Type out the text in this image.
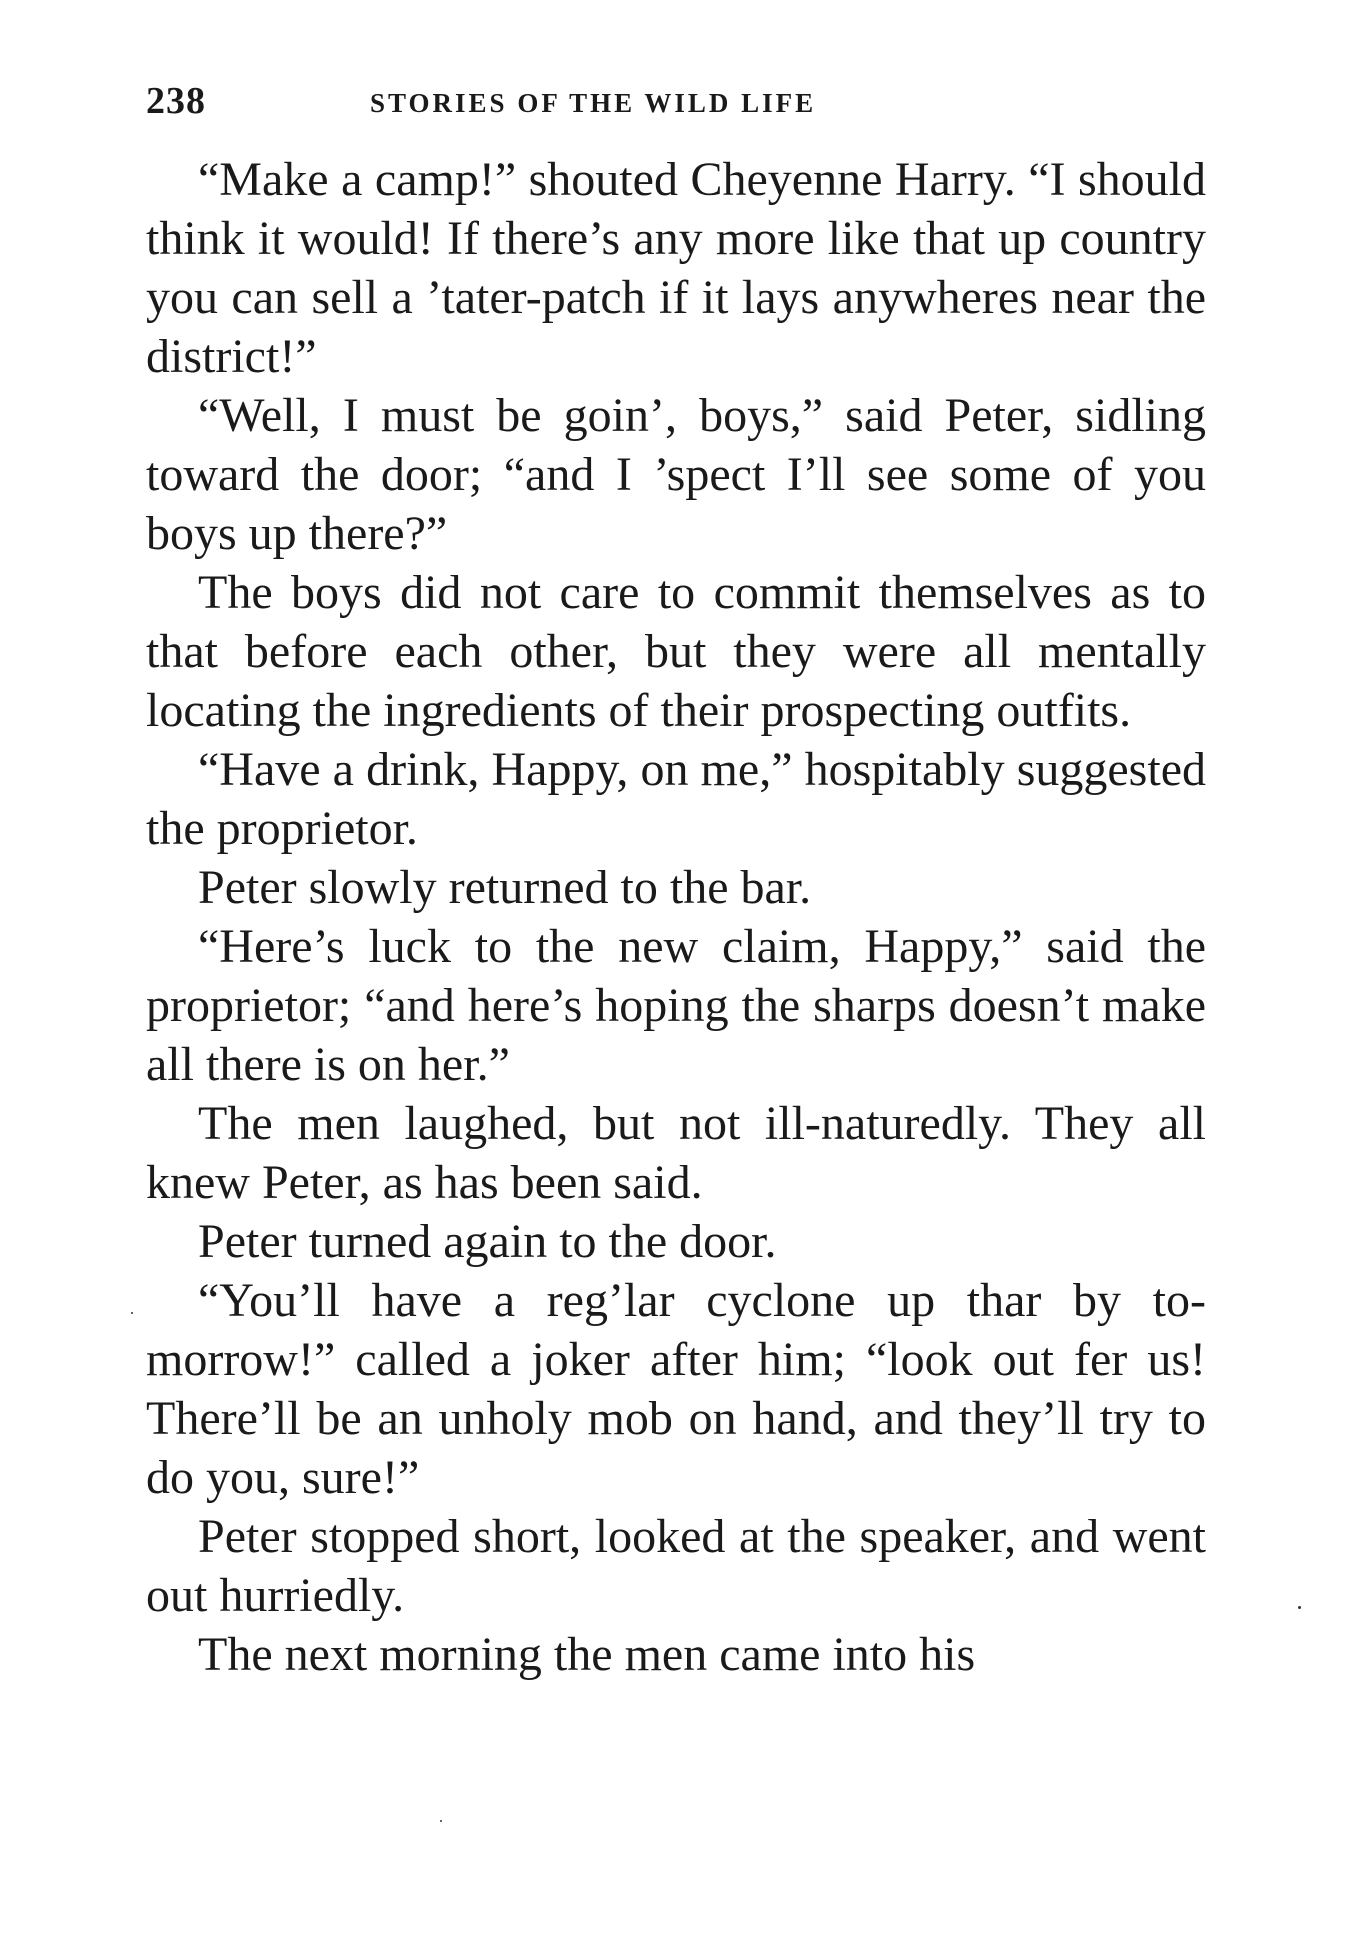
238	STORIES OF THE WILD LIFE

“Make a camp!” shouted Cheyenne Harry. “I should think it would! If there’s any more like that up country you can sell a ’tater-patch if it lays anywheres near the district!”

“Well, I must be goin’, boys,” said Peter, sidling toward the door; “and I ’spect I’ll see some of you boys up there?”

The boys did not care to commit themselves as to that before each other, but they were all mentally locating the ingredients of their prospecting outfits.

“Have a drink, Happy, on me,” hospitably suggested the proprietor.

Peter slowly returned to the bar.

“Here’s luck to the new claim, Happy,” said the proprietor; “and here’s hoping the sharps doesn’t make all there is on her.”

The men laughed, but not ill-naturedly. They all knew Peter, as has been said.

Peter turned again to the door.

“You’ll have a reg’lar cyclone up thar by tomorrow!” called a joker after him; “look out fer us! There’ll be an unholy mob on hand, and they’ll try to do you, sure!”

Peter stopped short, looked at the speaker, and went out hurriedly.

The next morning the men came into his
